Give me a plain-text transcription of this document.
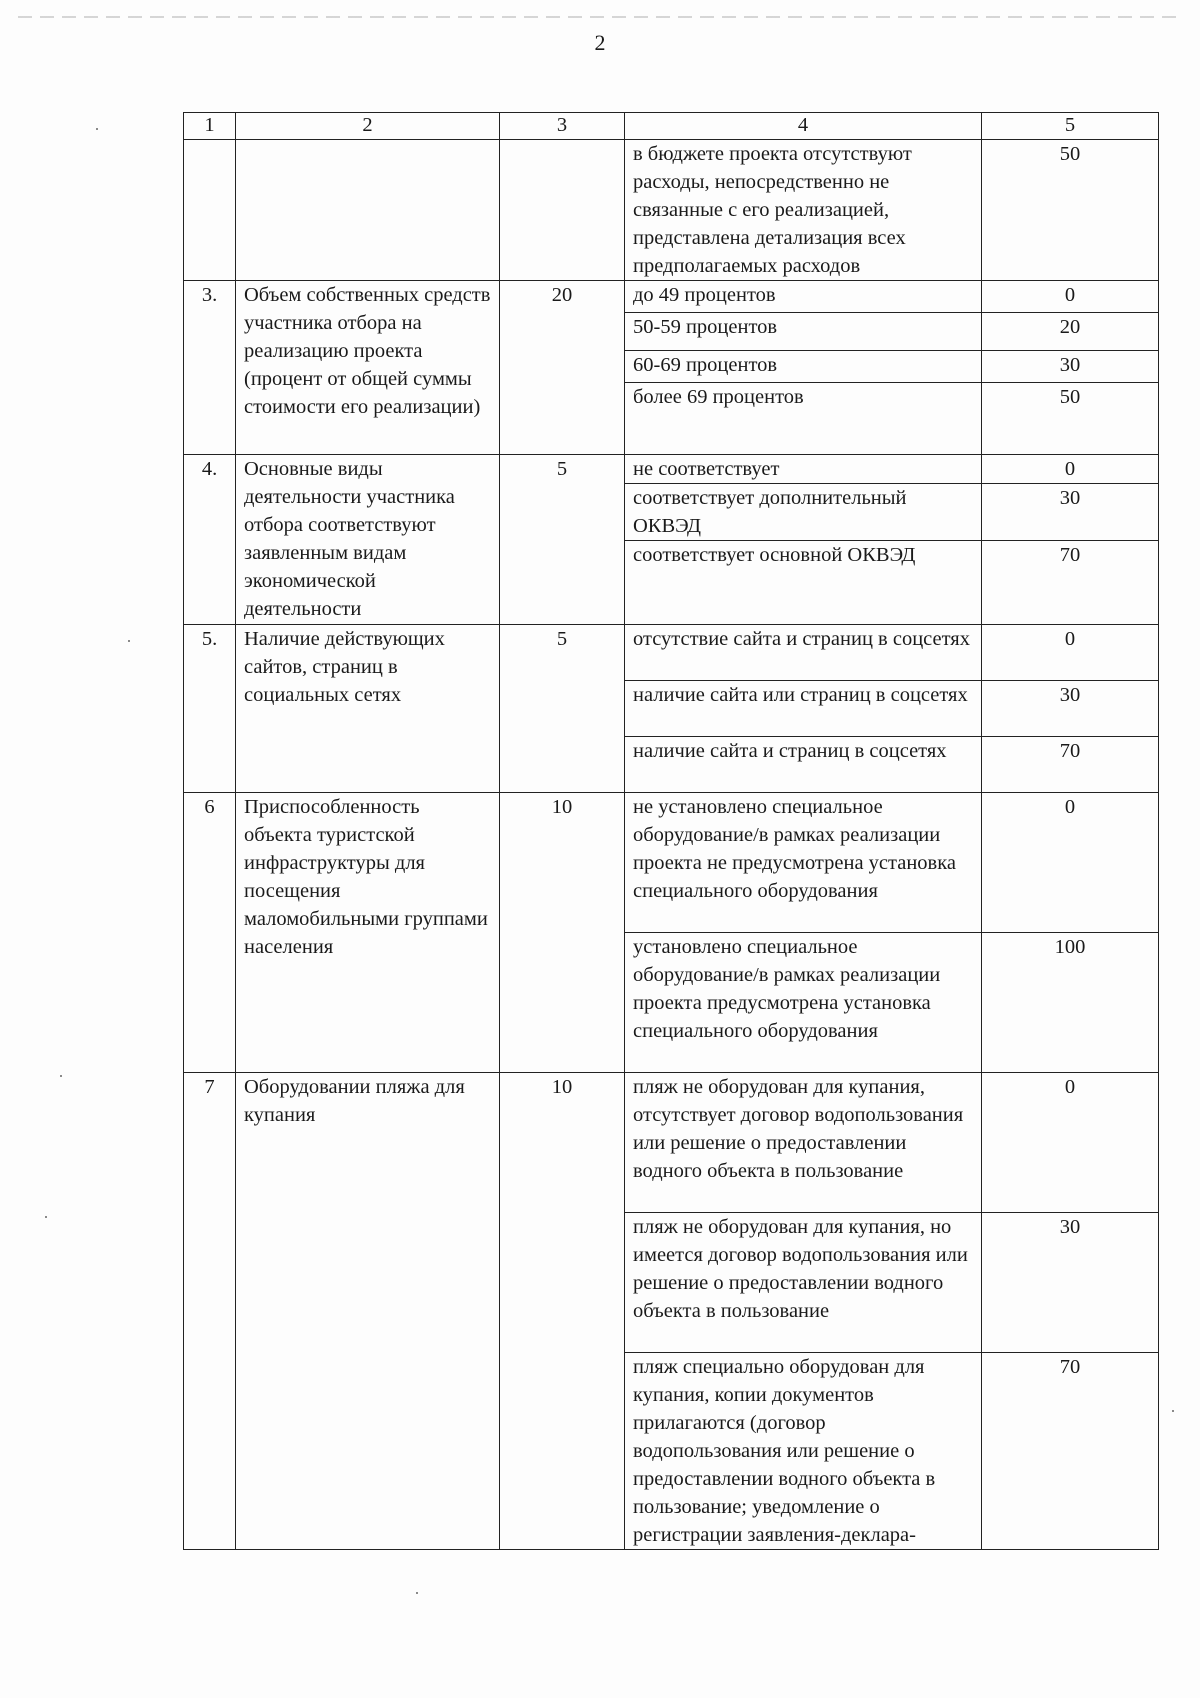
2
1	2	3	4	5
			в бюджете проекта отсутствуют расходы, непосредственно не связанные с его реализацией, представлена детализация всех предполагаемых расходов	50
3.	Объем собственных средств участника отбора на реализацию проекта (процент от общей суммы стоимости его реализации)	20	до 49 процентов	0
			50-59 процентов	20
			60-69 процентов	30
			более 69 процентов	50
4.	Основные виды деятельности участника отбора соответствуют заявленным видам экономической деятельности	5	не соответствует	0
			соответствует дополнительный ОКВЭД	30
			соответствует основной ОКВЭД	70
5.	Наличие действующих сайтов, страниц в социальных сетях	5	отсутствие сайта и страниц в соцсетях	0
			наличие сайта или страниц в соцсетях	30
			наличие сайта и страниц в соцсетях	70
6	Приспособленность объекта туристской инфраструктуры для посещения маломобильными группами населения	10	не установлено специальное оборудование/в рамках реализации проекта не предусмотрена установка специального оборудования	0
			установлено специальное оборудование/в рамках реализации проекта предусмотрена установка специального оборудования	100
7	Оборудовании пляжа для купания	10	пляж не оборудован для купания, отсутствует договор водопользования или решение о предоставлении водного объекта в пользование	0
			пляж не оборудован для купания, но имеется договор водопользования или решение о предоставлении водного объекта в пользование	30
			пляж специально оборудован для купания, копии документов прилагаются (договор водопользования или решение о предоставлении водного объекта в пользование; уведомление о регистрации заявления-деклара-	70
